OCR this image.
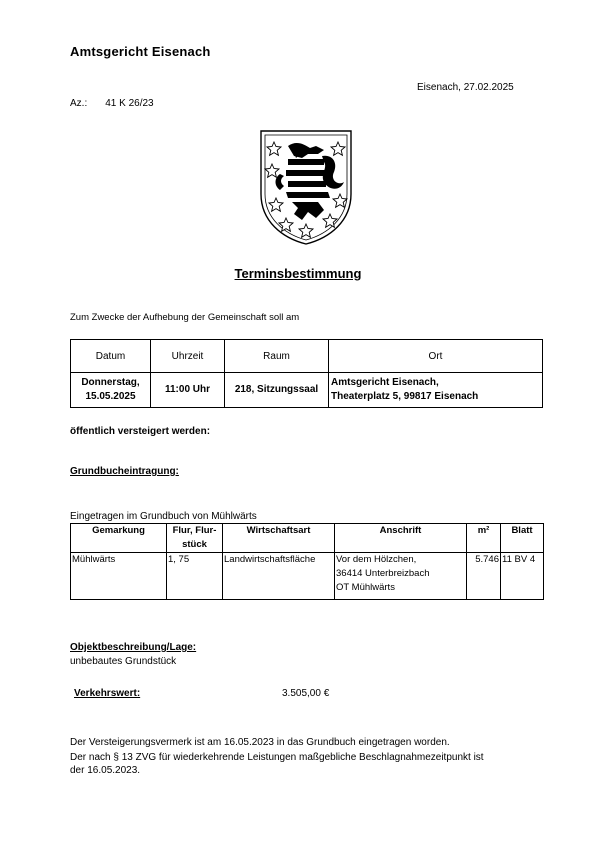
Amtsgericht Eisenach
Eisenach, 27.02.2025
Az.: 41 K 26/23
Terminsbestimmung
Zum Zwecke der Aufhebung der Gemeinschaft soll am
Datum	Uhrzeit	Raum	Ort
Donnerstag,
15.05.2025	11:00 Uhr	218, Sitzungssaal	Amtsgericht Eisenach,
Theaterplatz 5, 99817 Eisenach
öffentlich versteigert werden:
Grundbucheintragung:
Eingetragen im Grundbuch von Mühlwärts
Gemarkung	Flur, Flur-
stück	Wirtschaftsart	Anschrift	m²	Blatt
Mühlwärts	1, 75	Landwirtschaftsfläche	Vor dem Hölzchen,
36414 Unterbreizbach
OT Mühlwärts	5.746	11 BV 4
Objektbeschreibung/Lage:
unbebautes Grundstück
Verkehrswert:	3.505,00 €
Der Versteigerungsvermerk ist am 16.05.2023 in das Grundbuch eingetragen worden.
Der nach § 13 ZVG für wiederkehrende Leistungen maßgebliche Beschlagnahmezeitpunkt ist
der 16.05.2023.
